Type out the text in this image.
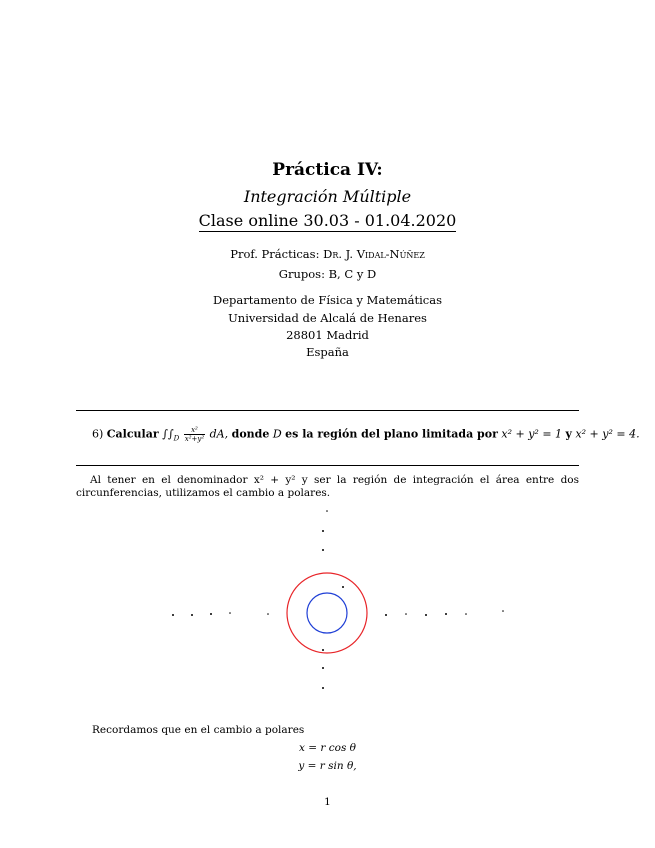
Práctica IV:
Integración Múltiple
Clase online 30.03 - 01.04.2020
Prof. Prácticas: Dr. J. Vidal-Núñez
Grupos: B, C y D
Departamento de Física y Matemáticas
Universidad de Alcalá de Henares
28801 Madrid
España
6) Calcular $\int\int_D \frac{\text{x²}}{\text{x²+y²}}$ dA, donde D es la región del plano limitada por x² + y² = 1 y x² + y² = 4.
Al tener en el denominador x² + y² y ser la región de integración el área entre dos circunferencias, utilizamos el cambio a polares.
Recordamos que en el cambio a polares
x = r cos θ
y = r sin θ,
1
